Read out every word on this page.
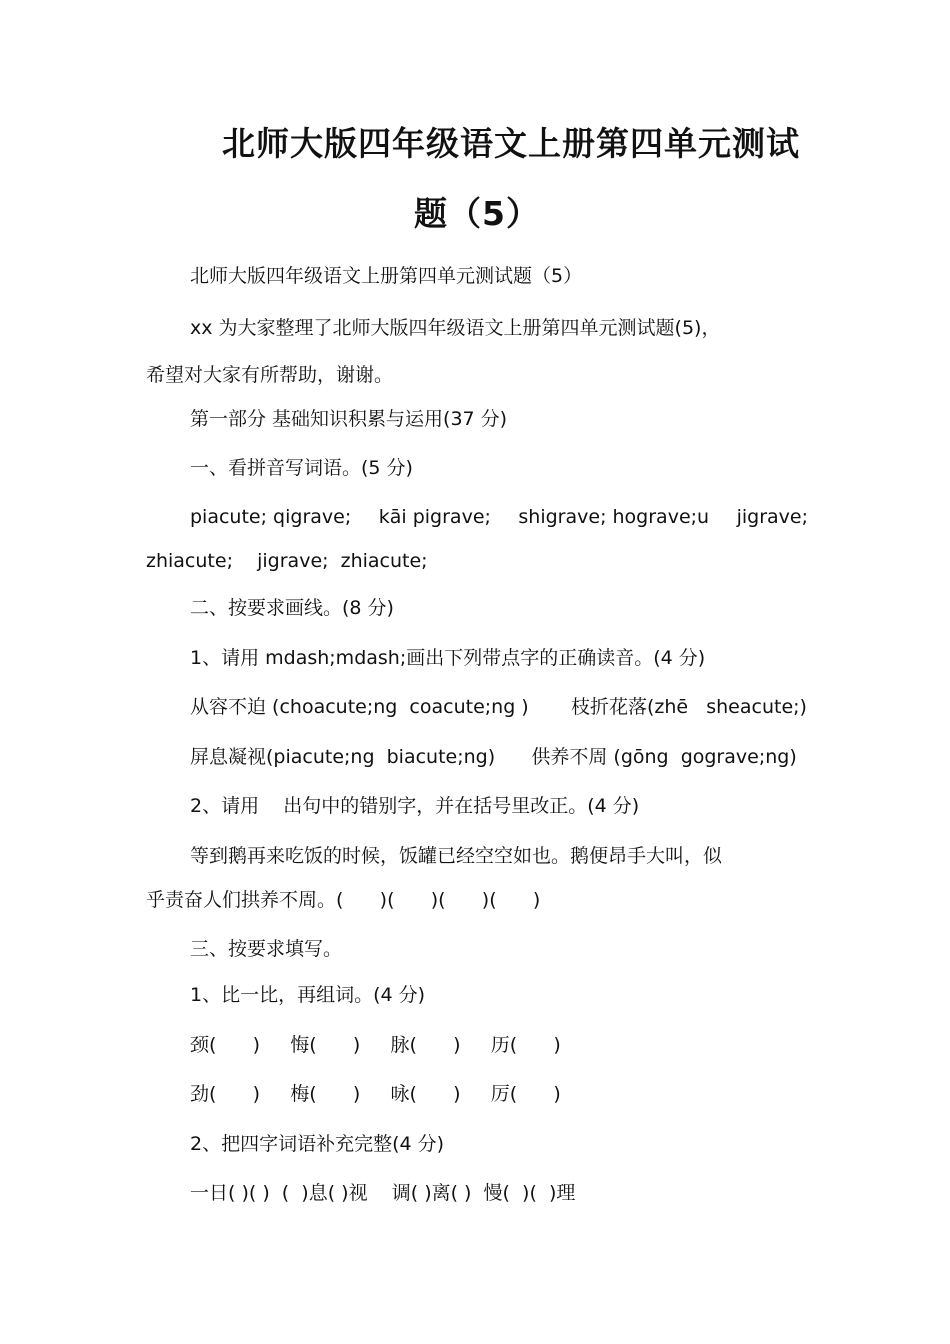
北师大版四年级语文上册第四单元测试
题（5）
北师大版四年级语文上册第四单元测试题（5）
xx 为大家整理了北师大版四年级语文上册第四单元测试题(5)，
希望对大家有所帮助，谢谢。
第一部分 基础知识积累与运用(37 分)
一、看拼音写词语。(5 分)
piacute; qigrave; kāi pigrave; shigrave; hograve;u jigrave;
zhiacute;    jigrave;  zhiacute;
二、按要求画线。(8 分)
1、请用 mdash;mdash;画出下列带点字的正确读音。(4 分)
从容不迫 (choacute;ng  coacute;ng )       枝折花落(zhē   sheacute;)
屏息凝视(piacute;ng  biacute;ng)      供养不周 (gōng  gograve;ng)
2、请用    出句中的错别字，并在括号里改正。(4 分)
等到鹅再来吃饭的时候，饭罐已经空空如也。鹅便昂手大叫，似
乎责奋人们拱养不周。(      )(      )(      )(      )
三、按要求填写。
1、比一比，再组词。(4 分)
颈(      )     悔(      )     脉(      )     历(      )
劲(      )     梅(      )     咏(      )     厉(      )
2、把四字词语补充完整(4 分)
一日( )( )  (  )息( )视    调( )离( )  慢(  )(  )理
